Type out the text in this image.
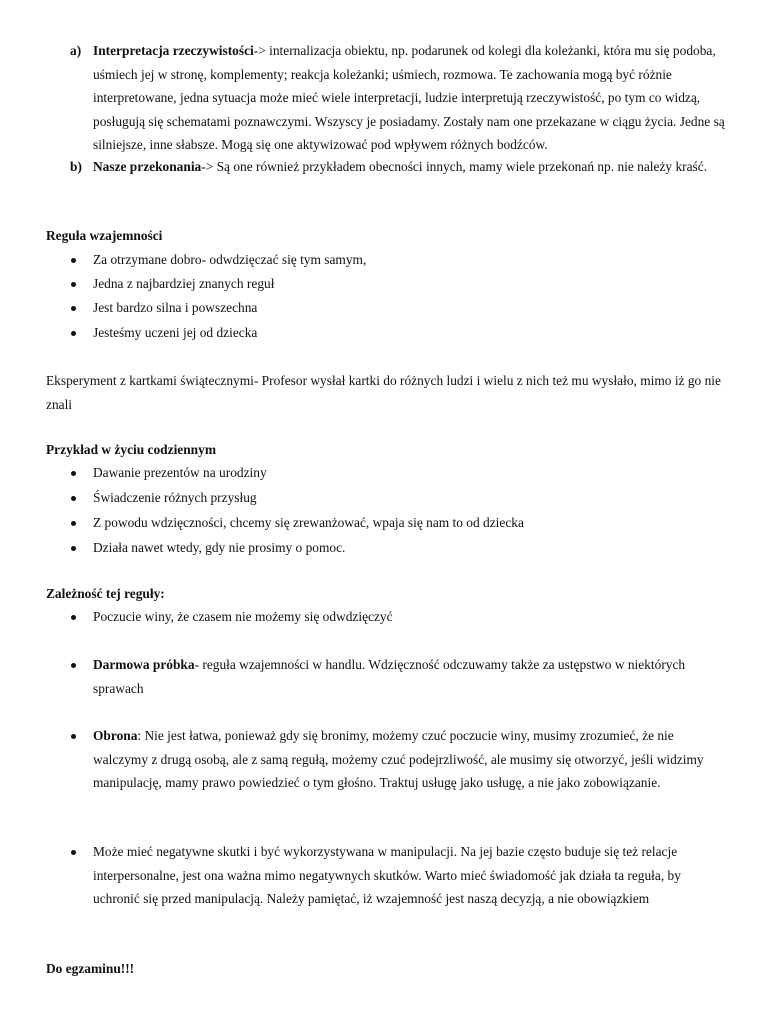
a) Interpretacja rzeczywistości-> internalizacja obiektu, np. podarunek od kolegi dla koleżanki, która mu się podoba, uśmiech jej w stronę, komplementy; reakcja koleżanki; uśmiech, rozmowa. Te zachowania mogą być różnie interpretowane, jedna sytuacja może mieć wiele interpretacji, ludzie interpretują rzeczywistość, po tym co widzą, posługują się schematami poznawczymi. Wszyscy je posiadamy. Zostały nam one przekazane w ciągu życia. Jedne są silniejsze, inne słabsze. Mogą się one aktywizować pod wpływem różnych bodźców.

b) Nasze przekonania-> Są one również przykładem obecności innych, mamy wiele przekonań np. nie należy kraść.

Reguła wzajemności

Za otrzymane dobro- odwdzięczać się tym samym,

Jedna z najbardziej znanych reguł

Jest bardzo silna i powszechna

Jesteśmy uczeni jej od dziecka

Eksperyment z kartkami świątecznymi- Profesor wysłał kartki do różnych ludzi i wielu z nich też mu wysłało, mimo iż go nie znali

Przykład w życiu codziennym

Dawanie prezentów na urodziny

Świadczenie różnych przysług

Z powodu wdzięczności, chcemy się zrewanżować, wpaja się nam to od dziecka

Działa nawet wtedy, gdy nie prosimy o pomoc.

Zależność tej reguły:

Poczucie winy, że czasem nie możemy się odwdzięczyć

Darmowa próbka- reguła wzajemności w handlu. Wdzięczność odczuwamy także za ustępstwo w niektórych sprawach

Obrona: Nie jest łatwa, ponieważ gdy się bronimy, możemy czuć poczucie winy, musimy zrozumieć, że nie walczymy z drugą osobą, ale z samą regułą, możemy czuć podejrzliwość, ale musimy się otworzyć, jeśli widzimy manipulację, mamy prawo powiedzieć o tym głośno. Traktuj usługę jako usługę, a nie jako zobowiązanie.

Może mieć negatywne skutki i być wykorzystywana w manipulacji. Na jej bazie często buduje się też relacje interpersonalne, jest ona ważna mimo negatywnych skutków. Warto mieć świadomość jak działa ta reguła, by uchronić się przed manipulacją. Należy pamiętać, iż wzajemność jest naszą decyzją, a nie obowiązkiem

Do egzaminu!!!
